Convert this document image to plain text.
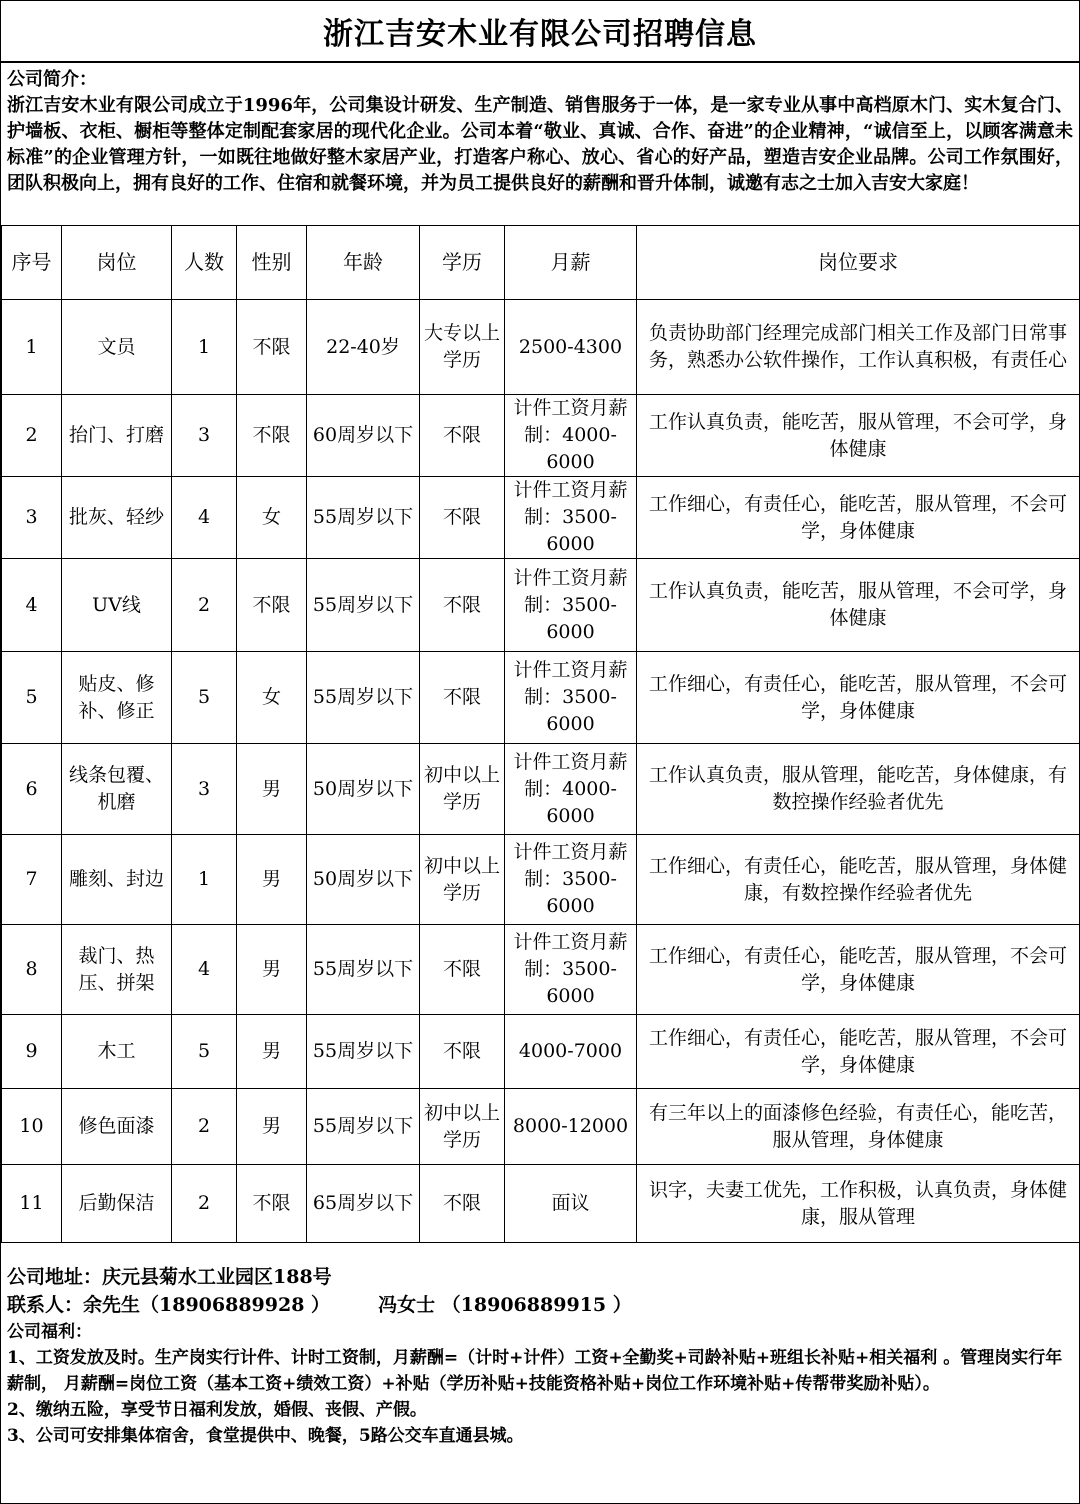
浙江吉安木业有限公司招聘信息
公司简介：
浙江吉安木业有限公司成立于1996年，公司集设计研发、生产制造、销售服务于一体，是一家专业从事中高档原木门、实木复合门、护墙板、衣柜、橱柜等整体定制配套家居的现代化企业。公司本着“敬业、真诚、合作、奋进”的企业精神，“诚信至上，以顾客满意未标准”的企业管理方针，一如既往地做好整木家居产业，打造客户称心、放心、省心的好产品，塑造吉安企业品牌。公司工作氛围好，团队积极向上，拥有良好的工作、住宿和就餐环境，并为员工提供良好的薪酬和晋升体制，诚邀有志之士加入吉安大家庭！
序号	岗位	人数	性别	年龄	学历	月薪	岗位要求
1	文员	1	不限	22-40岁	大专以上学历	2500-4300	负责协助部门经理完成部门相关工作及部门日常事务，熟悉办公软件操作，工作认真积极，有责任心
2	抬门、打磨	3	不限	60周岁以下	不限	计件工资月薪制：4000-6000	工作认真负责，能吃苦，服从管理，不会可学，身体健康
3	批灰、轻纱	4	女	55周岁以下	不限	计件工资月薪制：3500-6000	工作细心，有责任心，能吃苦，服从管理，不会可学，身体健康
4	UV线	2	不限	55周岁以下	不限	计件工资月薪制：3500-6000	工作认真负责，能吃苦，服从管理，不会可学，身体健康
5	贴皮、修补、修正	5	女	55周岁以下	不限	计件工资月薪制：3500-6000	工作细心，有责任心，能吃苦，服从管理，不会可学，身体健康
6	线条包覆、机磨	3	男	50周岁以下	初中以上学历	计件工资月薪制：4000-6000	工作认真负责，服从管理，能吃苦，身体健康，有数控操作经验者优先
7	雕刻、封边	1	男	50周岁以下	初中以上学历	计件工资月薪制：3500-6000	工作细心，有责任心，能吃苦，服从管理，身体健康，有数控操作经验者优先
8	裁门、热压、拼架	4	男	55周岁以下	不限	计件工资月薪制：3500-6000	工作细心，有责任心，能吃苦，服从管理，不会可学，身体健康
9	木工	5	男	55周岁以下	不限	4000-7000	工作细心，有责任心，能吃苦，服从管理，不会可学，身体健康
10	修色面漆	2	男	55周岁以下	初中以上学历	8000-12000	有三年以上的面漆修色经验，有责任心，能吃苦，服从管理，身体健康
11	后勤保洁	2	不限	65周岁以下	不限	面议	识字，夫妻工优先，工作积极，认真负责，身体健康，服从管理
公司地址：庆元县菊水工业园区188号
联系人：余先生（18906889928 ）	冯女士 （18906889915 ）
公司福利：
1、工资发放及时。生产岗实行计件、计时工资制，月薪酬=（计时+计件）工资+全勤奖+司龄补贴+班组长补贴+相关福利 。管理岗实行年薪制， 月薪酬=岗位工资（基本工资+绩效工资）+补贴（学历补贴+技能资格补贴+岗位工作环境补贴+传帮带奖励补贴）。
2、缴纳五险，享受节日福利发放，婚假、丧假、产假。
3、公司可安排集体宿舍，食堂提供中、晚餐，5路公交车直通县城。
